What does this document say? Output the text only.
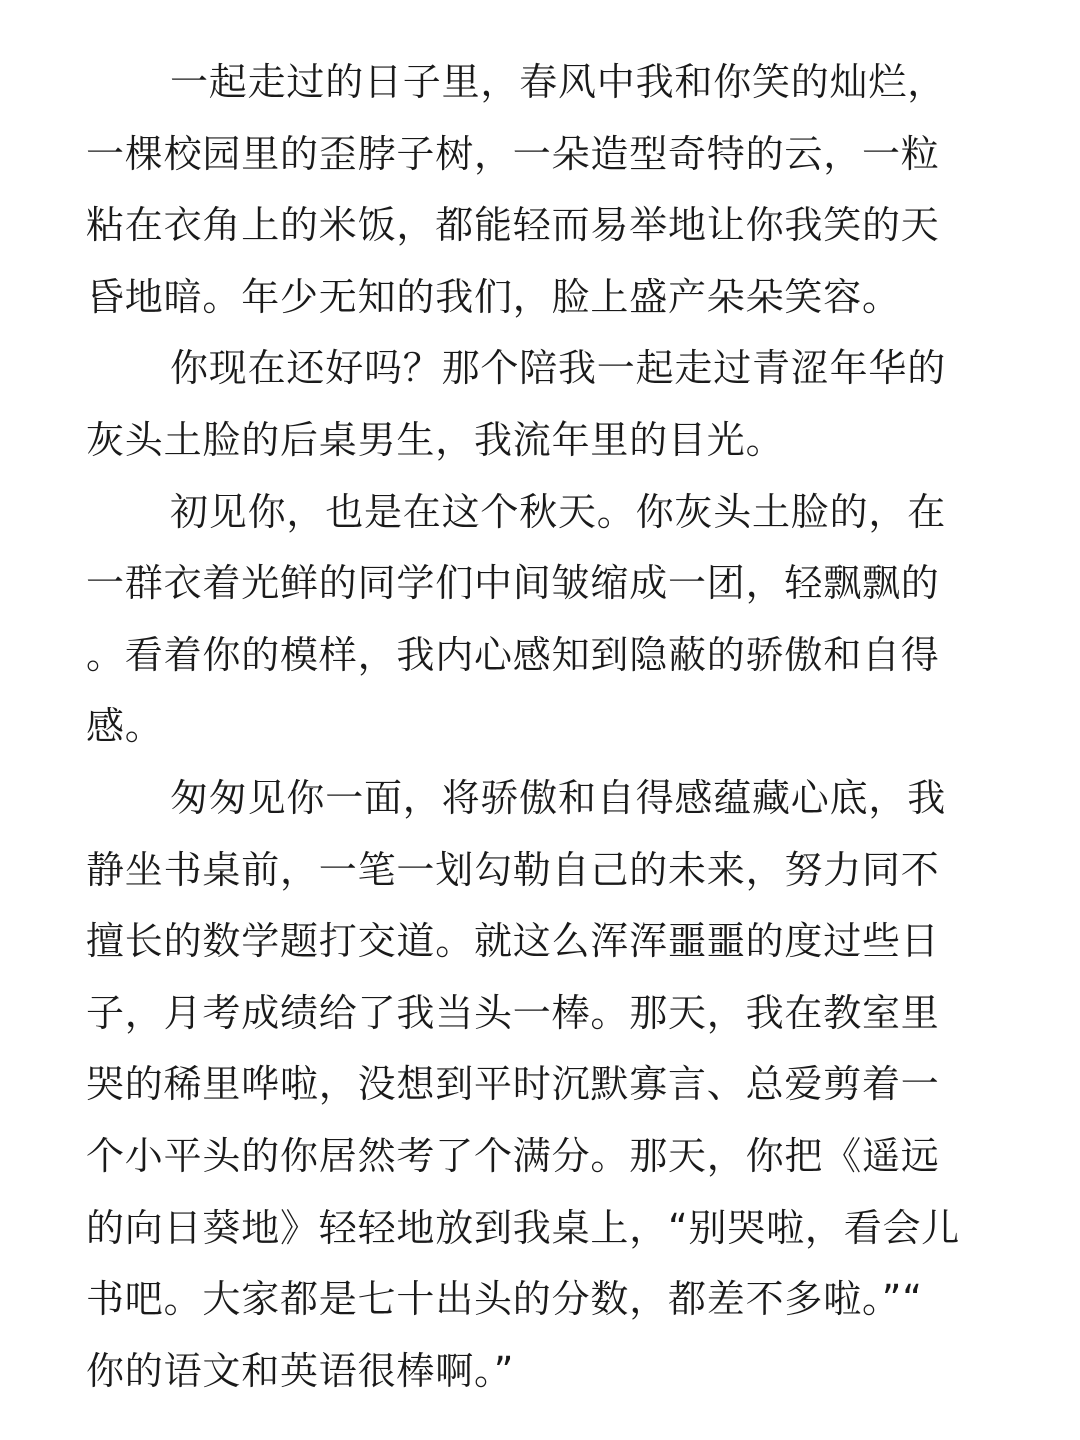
一起走过的日子里，春风中我和你笑的灿烂，
一棵校园里的歪脖子树，一朵造型奇特的云，一粒
粘在衣角上的米饭，都能轻而易举地让你我笑的天
昏地暗。年少无知的我们，脸上盛产朵朵笑容。
你现在还好吗？那个陪我一起走过青涩年华的
灰头土脸的后桌男生，我流年里的目光。
初见你，也是在这个秋天。你灰头土脸的，在
一群衣着光鲜的同学们中间皱缩成一团，轻飘飘的
。看着你的模样，我内心感知到隐蔽的骄傲和自得
感。
匆匆见你一面，将骄傲和自得感蕴藏心底，我
静坐书桌前，一笔一划勾勒自己的未来，努力同不
擅长的数学题打交道。就这么浑浑噩噩的度过些日
子，月考成绩给了我当头一棒。那天，我在教室里
哭的稀里哗啦，没想到平时沉默寡言、总爱剪着一
个小平头的你居然考了个满分。那天，你把《遥远
的向日葵地》轻轻地放到我桌上，“别哭啦，看会儿
书吧。大家都是七十出头的分数，都差不多啦。”“
你的语文和英语很棒啊。”
